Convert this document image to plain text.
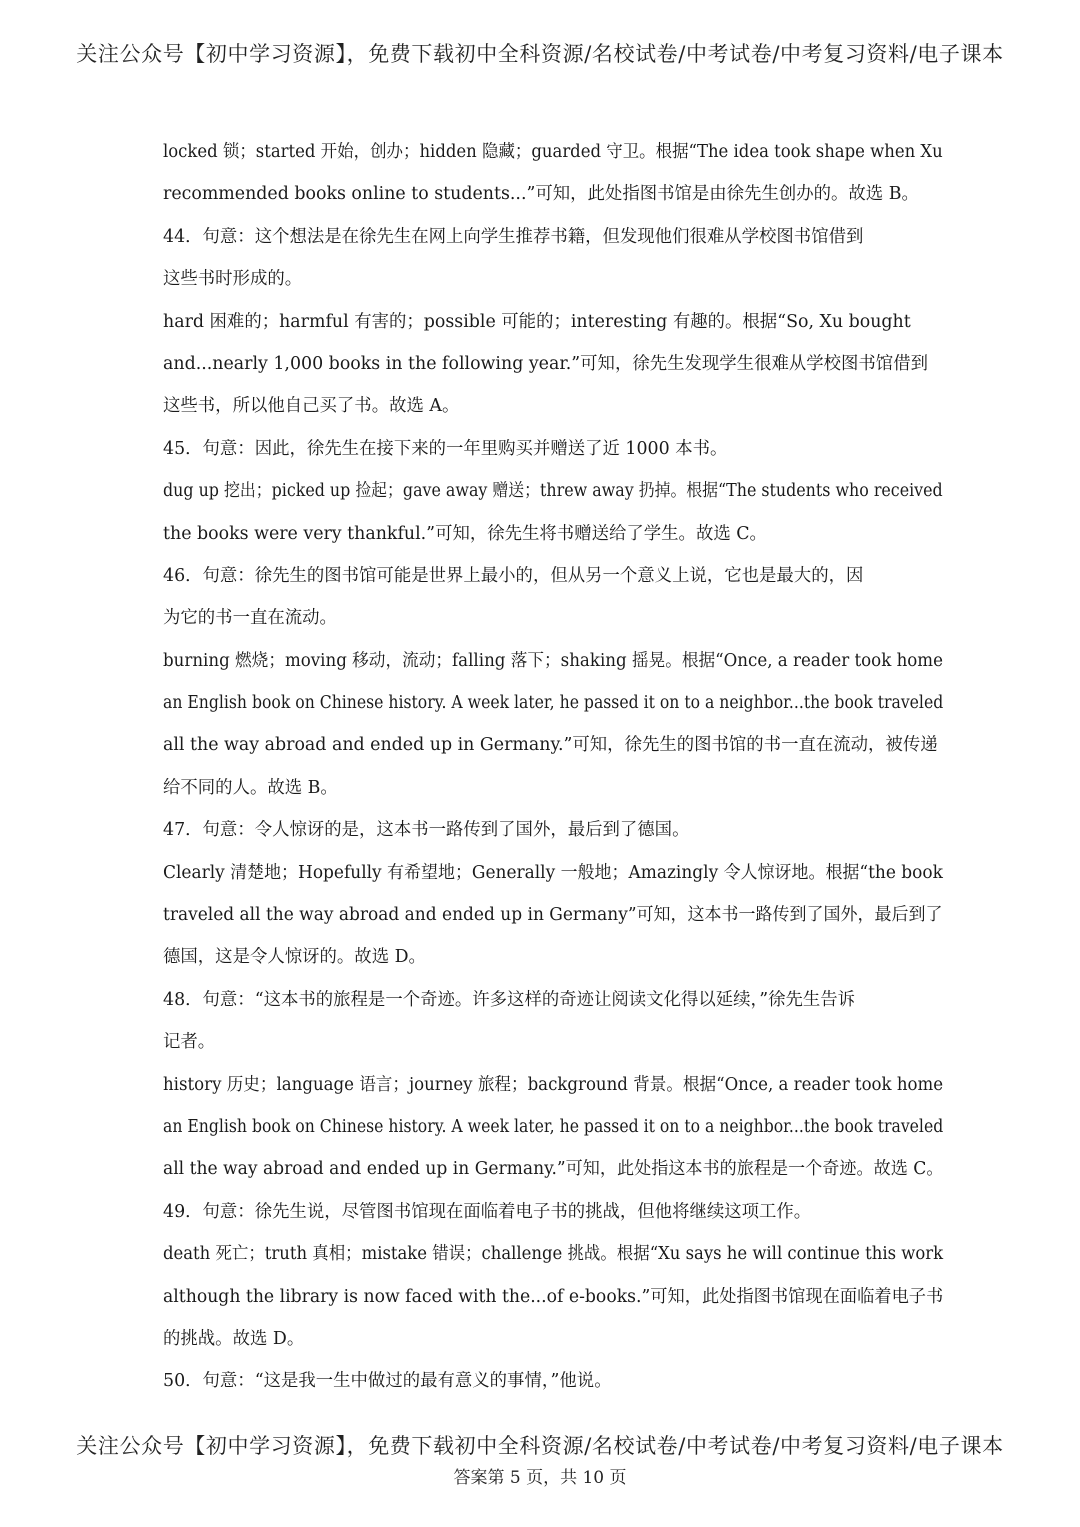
关注公众号【初中学习资源】，免费下载初中全科资源/名校试卷/中考试卷/中考复习资料/电子课本
locked 锁；started 开始，创办；hidden 隐藏；guarded 守卫。根据“The idea took shape when Xu
recommended books online to students...”可知，此处指图书馆是由徐先生创办的。故选 B。
44．句意：这个想法是在徐先生在网上向学生推荐书籍，但发现他们很难从学校图书馆借到
这些书时形成的。
hard 困难的；harmful 有害的；possible 可能的；interesting 有趣的。根据“So, Xu bought
and...nearly 1,000 books in the following year.”可知，徐先生发现学生很难从学校图书馆借到
这些书，所以他自己买了书。故选 A。
45．句意：因此，徐先生在接下来的一年里购买并赠送了近 1000 本书。
dug up 挖出；picked up 捡起；gave away 赠送；threw away 扔掉。根据“The students who received
the books were very thankful.”可知，徐先生将书赠送给了学生。故选 C。
46．句意：徐先生的图书馆可能是世界上最小的，但从另一个意义上说，它也是最大的，因
为它的书一直在流动。
burning 燃烧；moving 移动，流动；falling 落下；shaking 摇晃。根据“Once, a reader took home
an English book on Chinese history. A week later, he passed it on to a neighbor...the book traveled
all the way abroad and ended up in Germany.”可知，徐先生的图书馆的书一直在流动，被传递
给不同的人。故选 B。
47．句意：令人惊讶的是，这本书一路传到了国外，最后到了德国。
Clearly 清楚地；Hopefully 有希望地；Generally 一般地；Amazingly 令人惊讶地。根据“the book
traveled all the way abroad and ended up in Germany”可知，这本书一路传到了国外，最后到了
德国，这是令人惊讶的。故选 D。
48．句意：“这本书的旅程是一个奇迹。许多这样的奇迹让阅读文化得以延续，”徐先生告诉
记者。
history 历史；language 语言；journey 旅程；background 背景。根据“Once, a reader took home
an English book on Chinese history. A week later, he passed it on to a neighbor...the book traveled
all the way abroad and ended up in Germany.”可知，此处指这本书的旅程是一个奇迹。故选 C。
49．句意：徐先生说，尽管图书馆现在面临着电子书的挑战，但他将继续这项工作。
death 死亡；truth 真相；mistake 错误；challenge 挑战。根据“Xu says he will continue this work
although the library is now faced with the...of e-books.”可知，此处指图书馆现在面临着电子书
的挑战。故选 D。
50．句意：“这是我一生中做过的最有意义的事情，”他说。
关注公众号【初中学习资源】，免费下载初中全科资源/名校试卷/中考试卷/中考复习资料/电子课本
答案第 5 页，共 10 页
